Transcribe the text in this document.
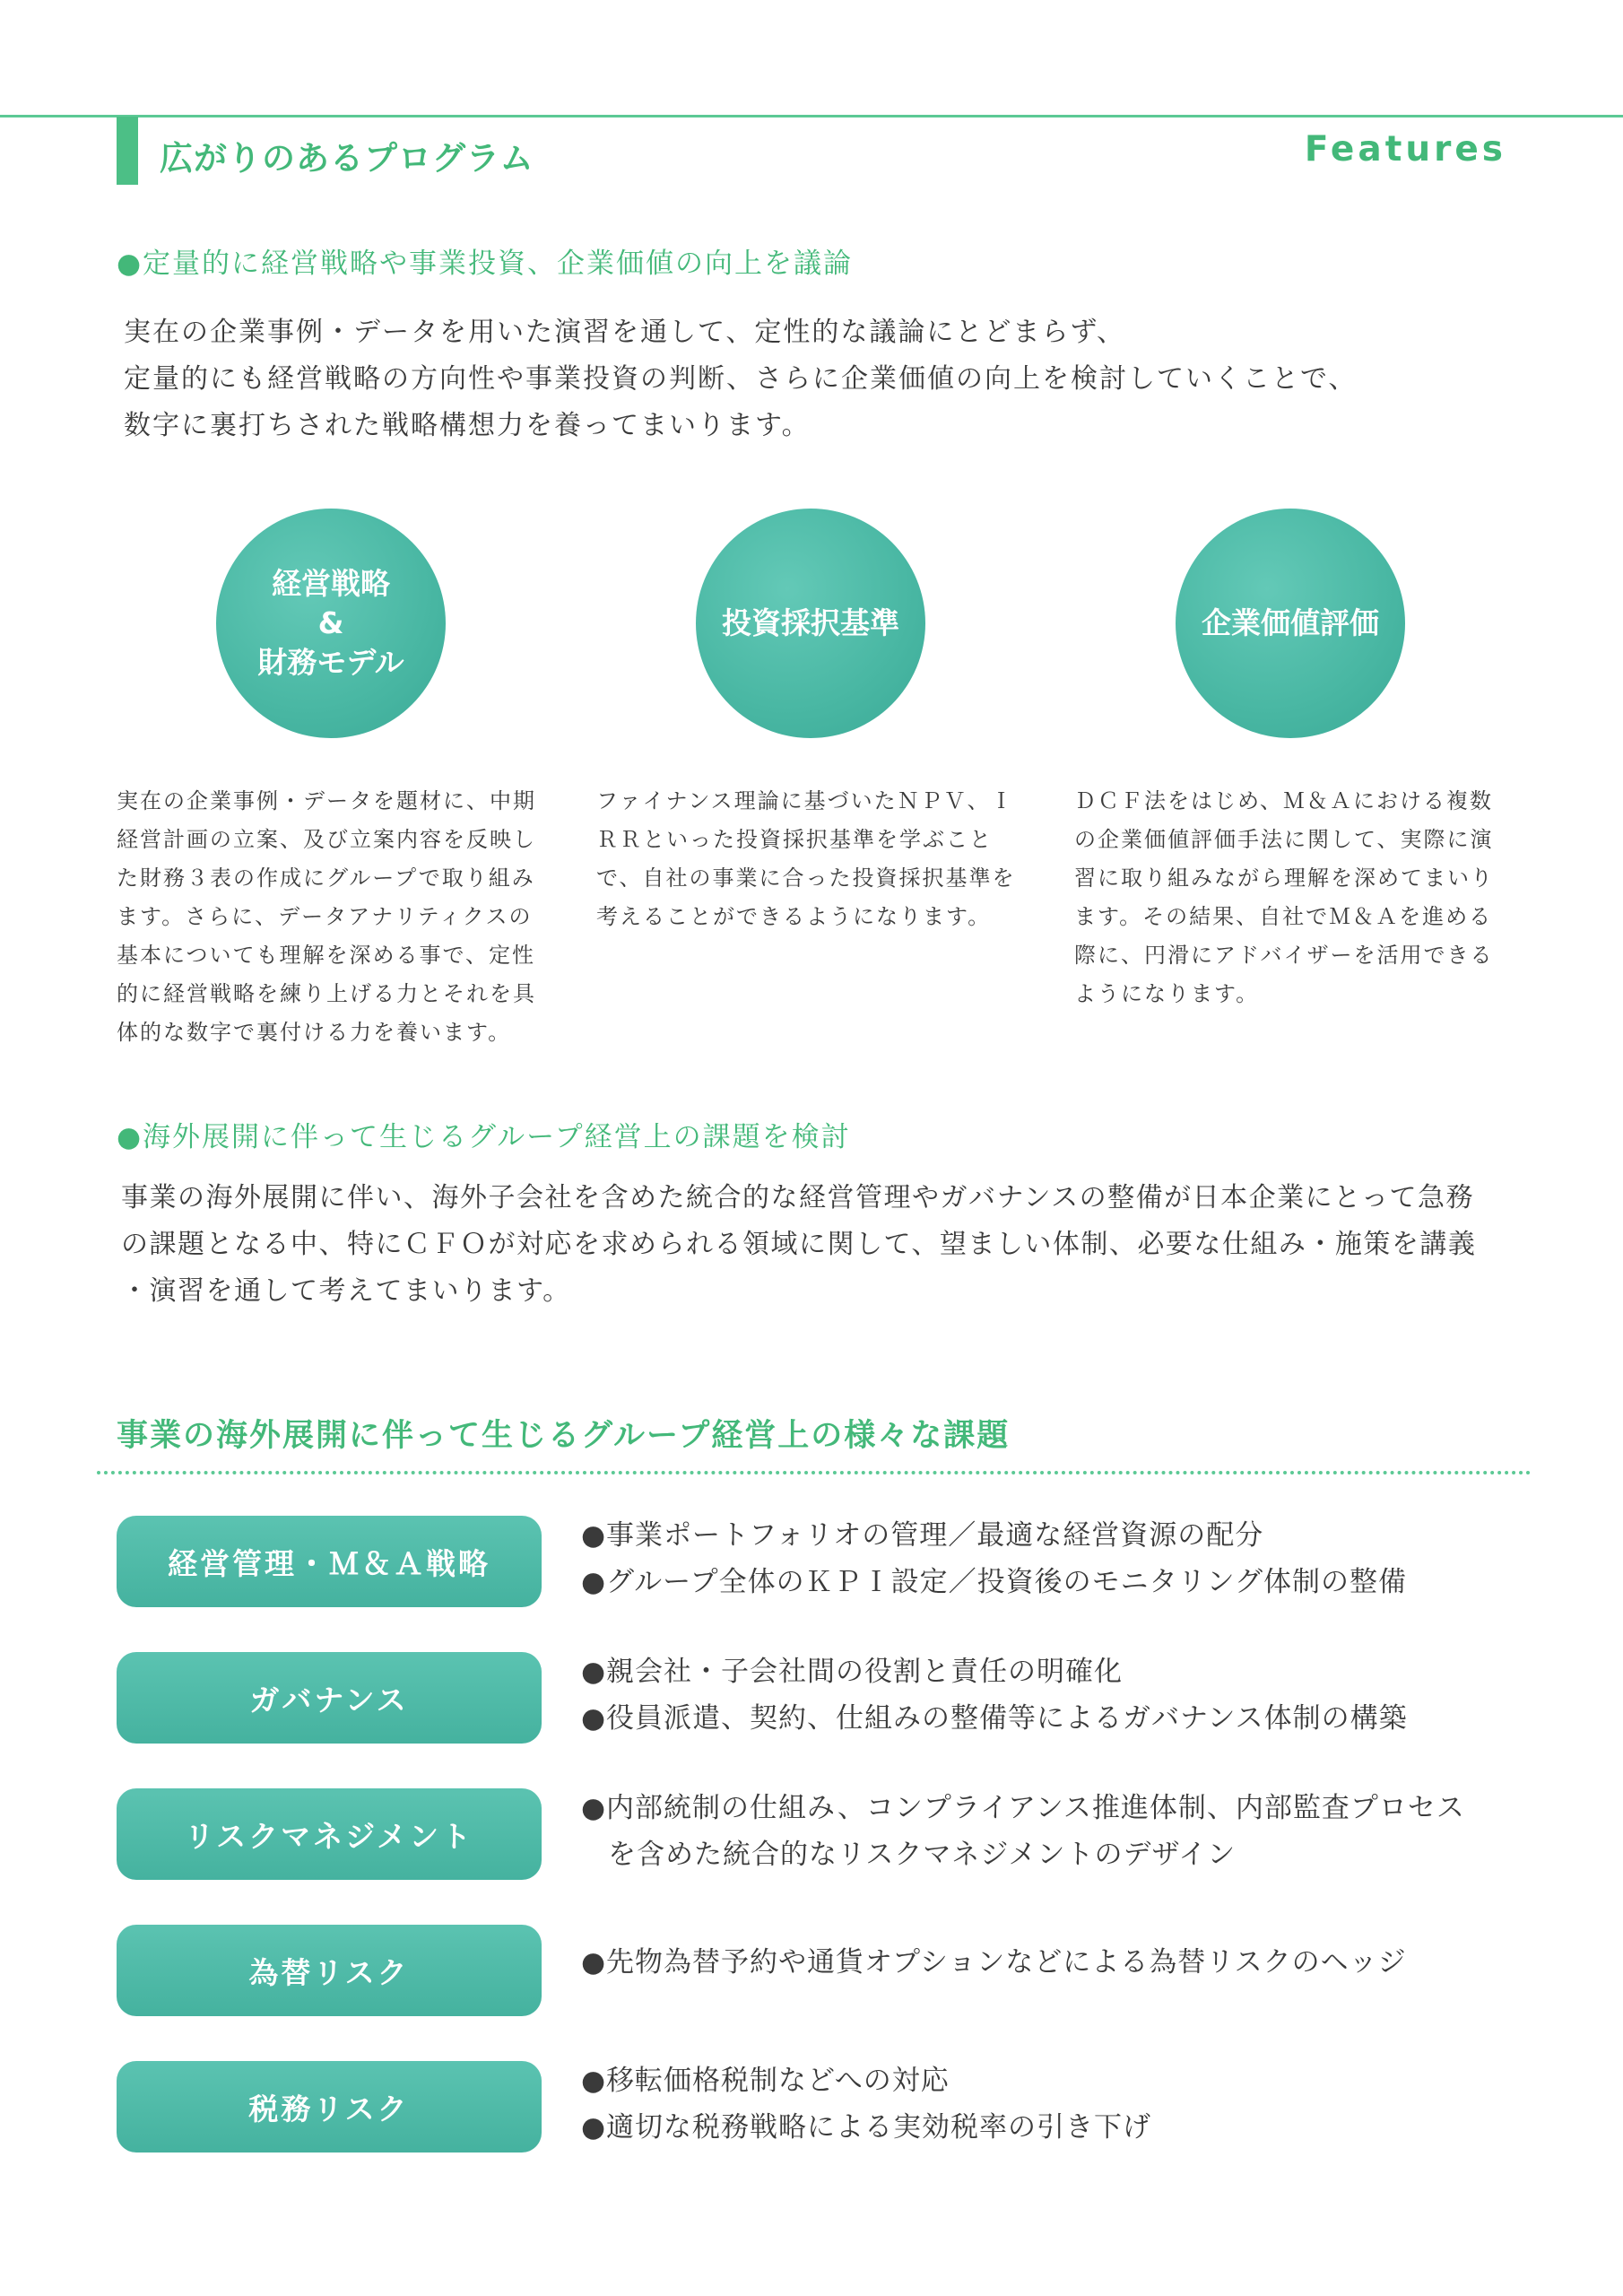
広がりのあるプログラム	Features
●定量的に経営戦略や事業投資、企業価値の向上を議論

実在の企業事例・データを用いた演習を通して、定性的な議論にとどまらず、
定量的にも経営戦略の方向性や事業投資の判断、さらに企業価値の向上を検討していくことで、
数字に裏打ちされた戦略構想力を養ってまいります。

経営戦略
&
財務モデル
投資採択基準	企業価値評価

実在の企業事例・データを題材に、中期
経営計画の立案、及び立案内容を反映し
た財務３表の作成にグループで取り組み
ます。さらに、データアナリティクスの
基本についても理解を深める事で、定性
的に経営戦略を練り上げる力とそれを具
体的な数字で裏付ける力を養います。

ファイナンス理論に基づいたＮＰＶ、Ｉ
ＲＲといった投資採択基準を学ぶこと
で、自社の事業に合った投資採択基準を
考えることができるようになります。

ＤＣＦ法をはじめ、Ｍ＆Ａにおける複数
の企業価値評価手法に関して、実際に演
習に取り組みながら理解を深めてまいり
ます。その結果、自社でＭ＆Ａを進める
際に、円滑にアドバイザーを活用できる
ようになります。

●海外展開に伴って生じるグループ経営上の課題を検討

事業の海外展開に伴い、海外子会社を含めた統合的な経営管理やガバナンスの整備が日本企業にとって急務
の課題となる中、特にＣＦＯが対応を求められる領域に関して、望ましい体制、必要な仕組み・施策を講義
・演習を通して考えてまいります。

事業の海外展開に伴って生じるグループ経営上の様々な課題
経営管理・Ｍ＆Ａ戦略
●事業ポートフォリオの管理／最適な経営資源の配分
●グループ全体のＫＰＩ設定／投資後のモニタリング体制の整備
ガバナンス
●親会社・子会社間の役割と責任の明確化
●役員派遣、契約、仕組みの整備等によるガバナンス体制の構築
リスクマネジメント
●内部統制の仕組み、コンプライアンス推進体制、内部監査プロセス
を含めた統合的なリスクマネジメントのデザイン
為替リスク	●先物為替予約や通貨オプションなどによる為替リスクのヘッジ
税務リスク
●移転価格税制などへの対応
●適切な税務戦略による実効税率の引き下げ
